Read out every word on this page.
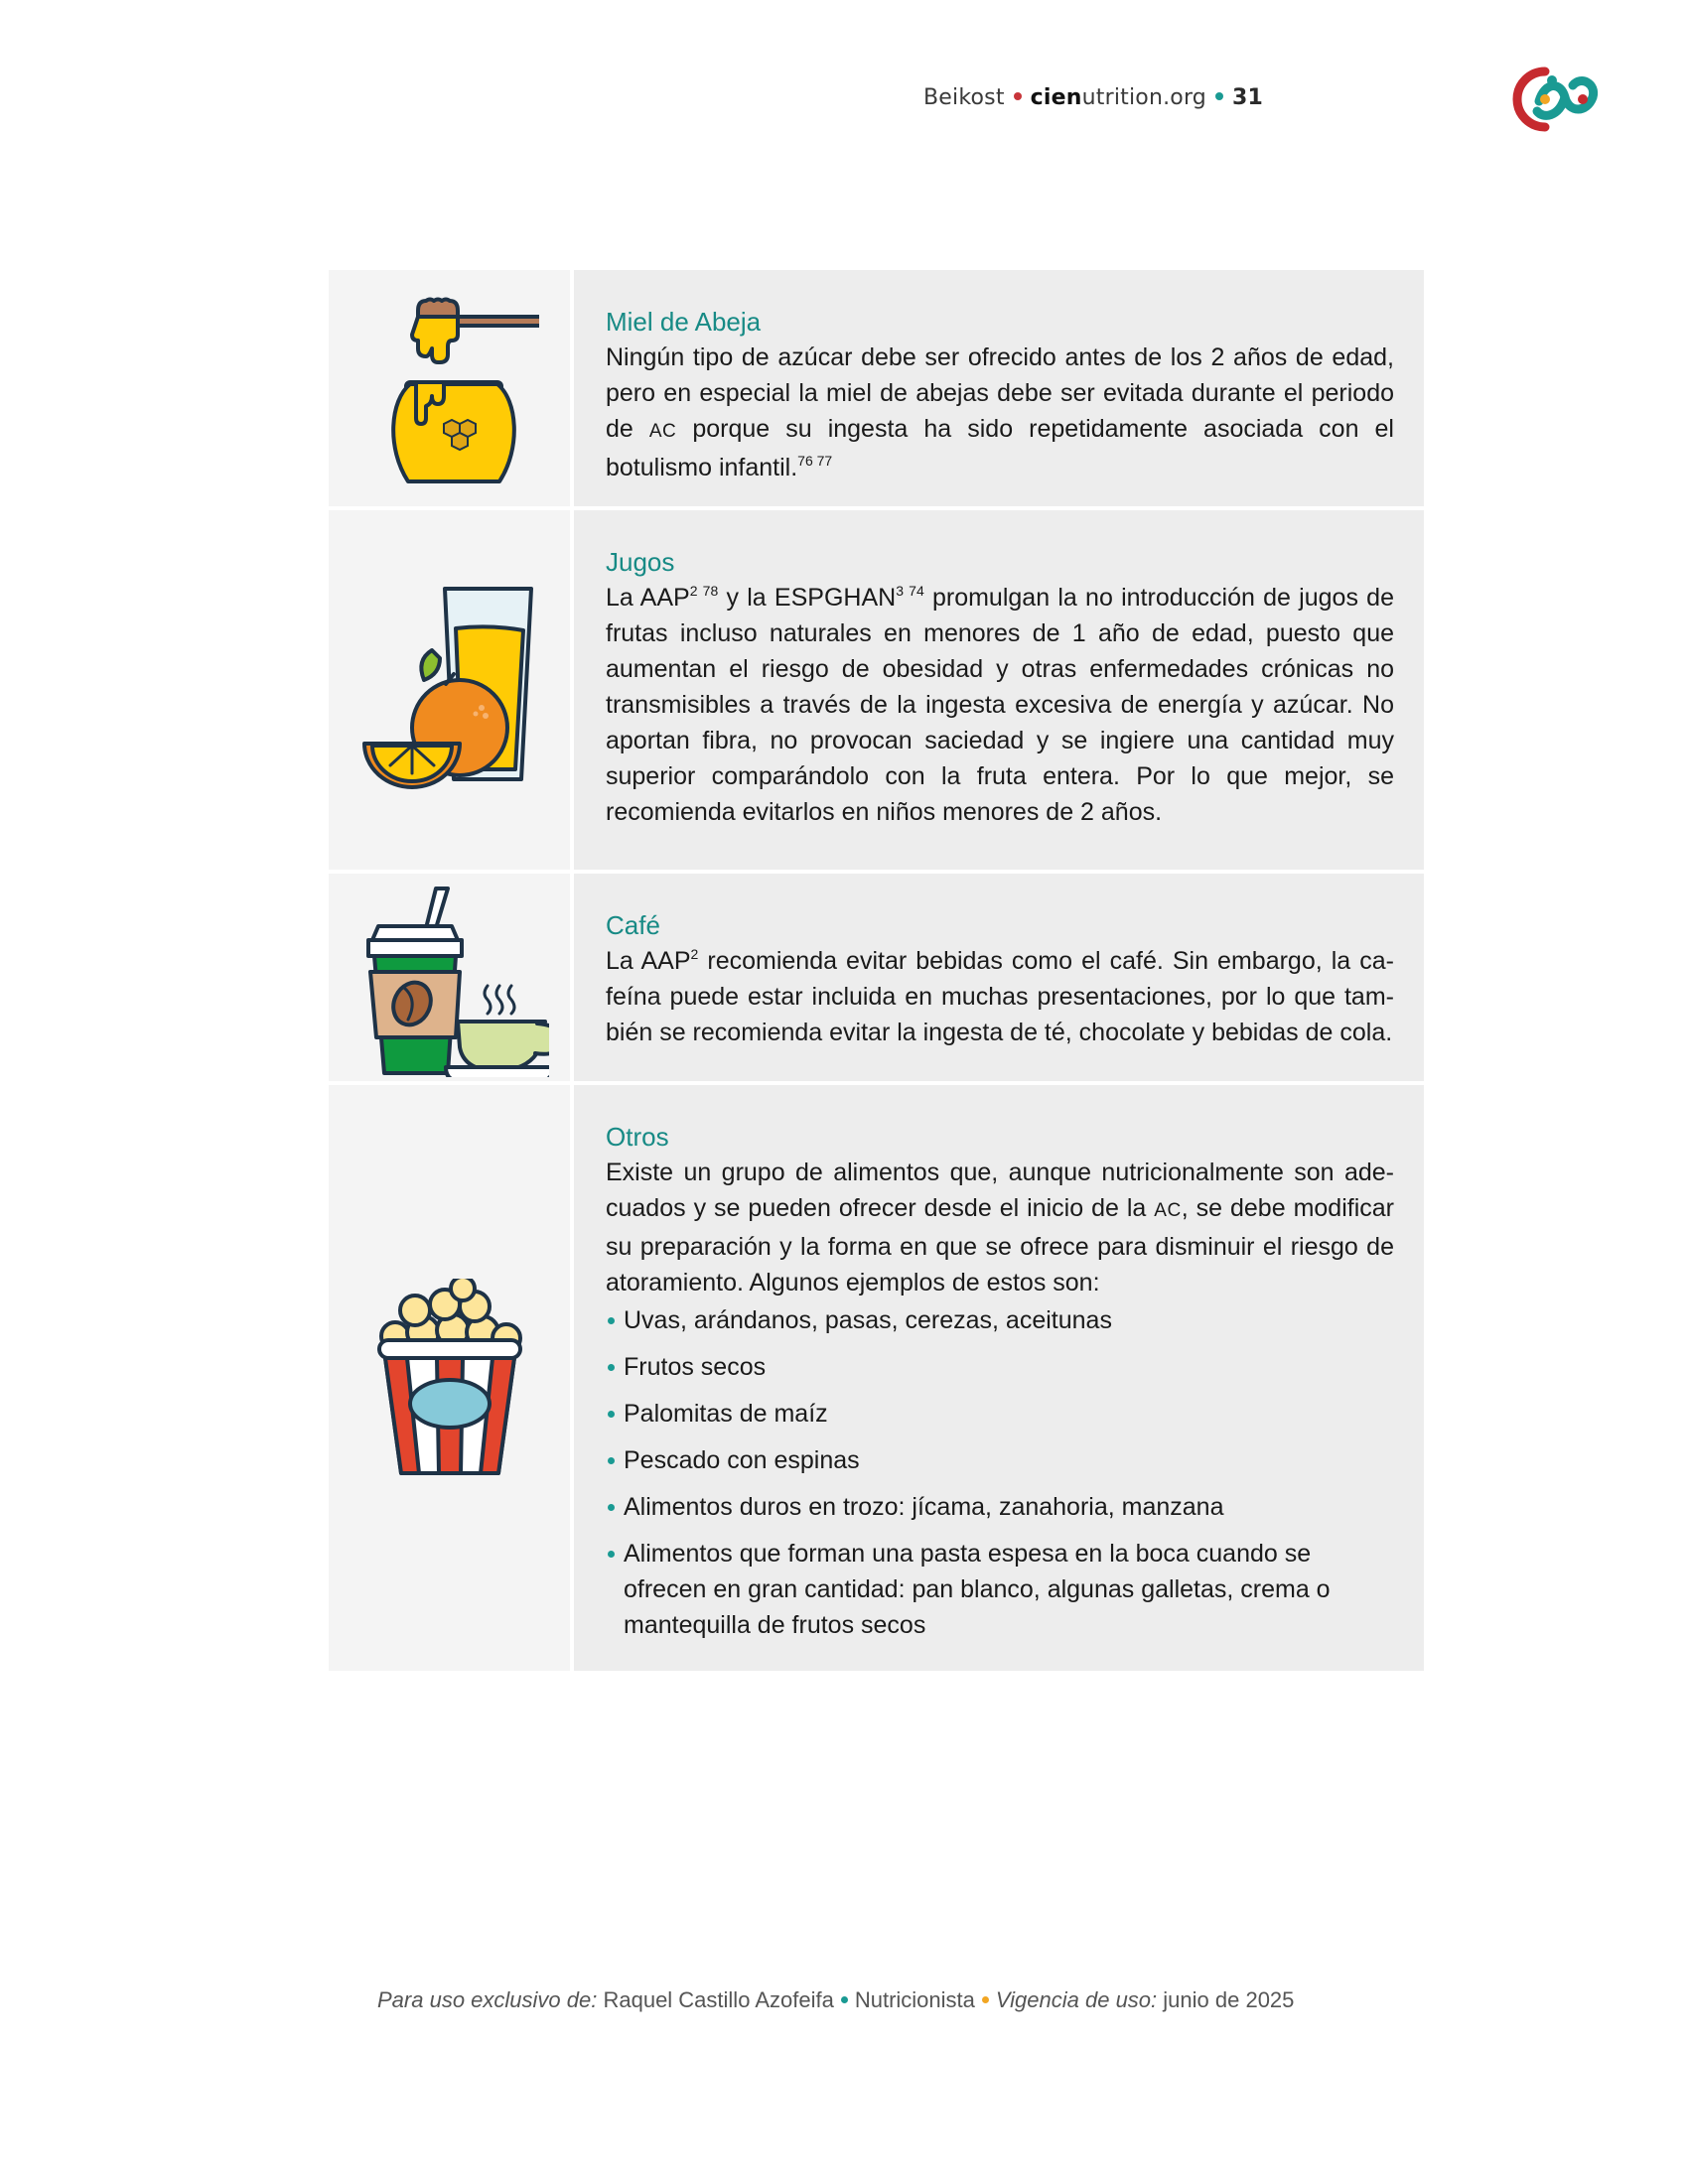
Beikost cienutrition.org 31
Miel de Abeja
Ningún tipo de azúcar debe ser ofrecido antes de los 2 años de edad, pero en especial la miel de abejas debe ser evitada durante el periodo de AC porque su ingesta ha sido repetidamente asociada con el botulismo infantil.$^{76 77}$
Jugos
La $AAP^{2 78}$ y la $ESPGHAN^{3 74}$ promulgan la no introducción de jugos de frutas incluso naturales en menores de 1 año de edad, puesto que aumentan el riesgo de obesidad y otras enfermedades crónicas no transmisibles a través de la ingesta excesiva de energía y azúcar. No aportan fibra, no provocan saciedad y se ingiere una cantidad muy superior comparándolo con la fruta entera. Por lo que mejor, se recomienda evitarlos en niños menores de 2 años.
Café
La AAP$^2$ recomienda evitar bebidas como el café. Sin embargo, la cafeína puede estar incluida en muchas presentaciones, por lo que también se recomienda evitar la ingesta de té, chocolate y bebidas de cola.
Otros
Existe un grupo de alimentos que, aunque nutricionalmente son adecuados y se pueden ofrecer desde el inicio de la AC, se debe modificar su preparación y la forma en que se ofrece para disminuir el riesgo de atoramiento. Algunos ejemplos de estos son:
Uvas, arándanos, pasas, cerezas, aceitunas
Frutos secos
Palomitas de maíz
Pescado con espinas
Alimentos duros en trozo: jícama, zanahoria, manzana
Alimentos que forman una pasta espesa en la boca cuando se ofrecen en gran cantidad: pan blanco, algunas galletas, crema o mantequilla de frutos secos
Para uso exclusivo de: Raquel Castillo Azofeifa Nutricionista Vigencia de uso: junio de 2025
